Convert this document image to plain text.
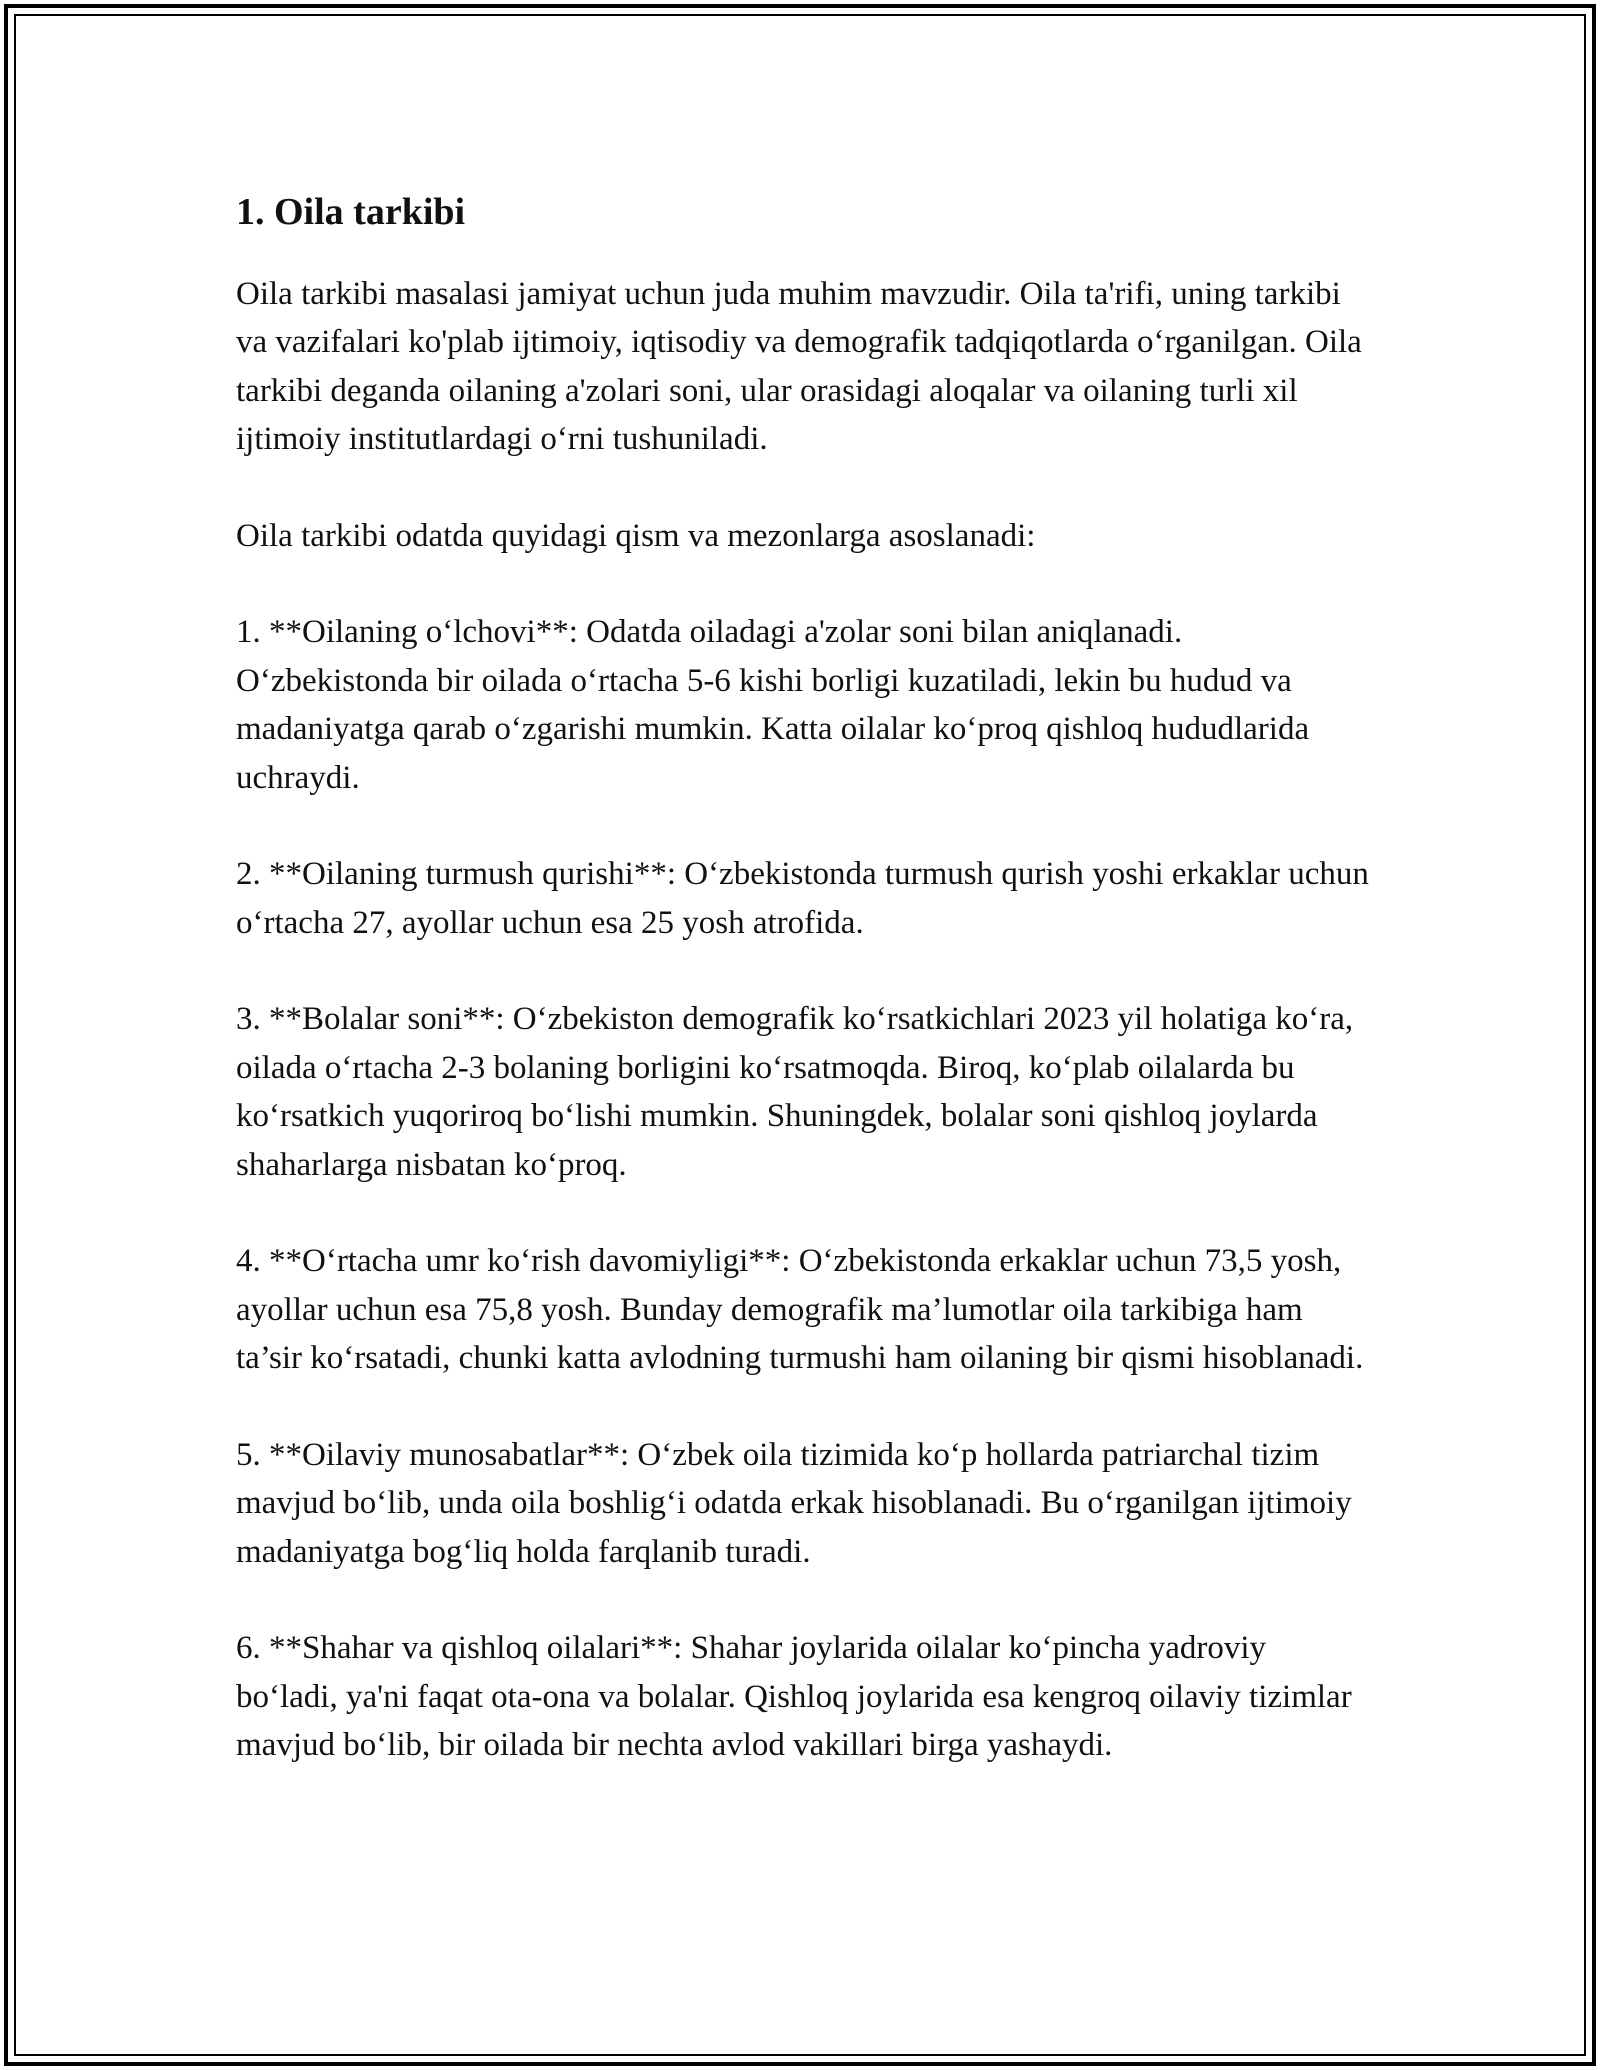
1. Oila tarkibi

Oila tarkibi masalasi jamiyat uchun juda muhim mavzudir. Oila ta'rifi, uning tarkibi va vazifalari ko'plab ijtimoiy, iqtisodiy va demografik tadqiqotlarda o‘rganilgan. Oila tarkibi deganda oilaning a'zolari soni, ular orasidagi aloqalar va oilaning turli xil ijtimoiy institutlardagi o‘rni tushuniladi.

Oila tarkibi odatda quyidagi qism va mezonlarga asoslanadi:

1. **Oilaning o‘lchovi**: Odatda oiladagi a'zolar soni bilan aniqlanadi. O‘zbekistonda bir oilada o‘rtacha 5-6 kishi borligi kuzatiladi, lekin bu hudud va madaniyatga qarab o‘zgarishi mumkin. Katta oilalar ko‘proq qishloq hududlarida uchraydi.

2. **Oilaning turmush qurishi**: O‘zbekistonda turmush qurish yoshi erkaklar uchun o‘rtacha 27, ayollar uchun esa 25 yosh atrofida.

3. **Bolalar soni**: O‘zbekiston demografik ko‘rsatkichlari 2023 yil holatiga ko‘ra, oilada o‘rtacha 2-3 bolaning borligini ko‘rsatmoqda. Biroq, ko‘plab oilalarda bu ko‘rsatkich yuqoriroq bo‘lishi mumkin. Shuningdek, bolalar soni qishloq joylarda shaharlarga nisbatan ko‘proq.

4. **O‘rtacha umr ko‘rish davomiyligi**: O‘zbekistonda erkaklar uchun 73,5 yosh, ayollar uchun esa 75,8 yosh. Bunday demografik ma’lumotlar oila tarkibiga ham ta’sir ko‘rsatadi, chunki katta avlodning turmushi ham oilaning bir qismi hisoblanadi.

5. **Oilaviy munosabatlar**: O‘zbek oila tizimida ko‘p hollarda patriarchal tizim mavjud bo‘lib, unda oila boshlig‘i odatda erkak hisoblanadi. Bu o‘rganilgan ijtimoiy madaniyatga bog‘liq holda farqlanib turadi.

6. **Shahar va qishloq oilalari**: Shahar joylarida oilalar ko‘pincha yadroviy bo‘ladi, ya'ni faqat ota-ona va bolalar. Qishloq joylarida esa kengroq oilaviy tizimlar mavjud bo‘lib, bir oilada bir nechta avlod vakillari birga yashaydi.
